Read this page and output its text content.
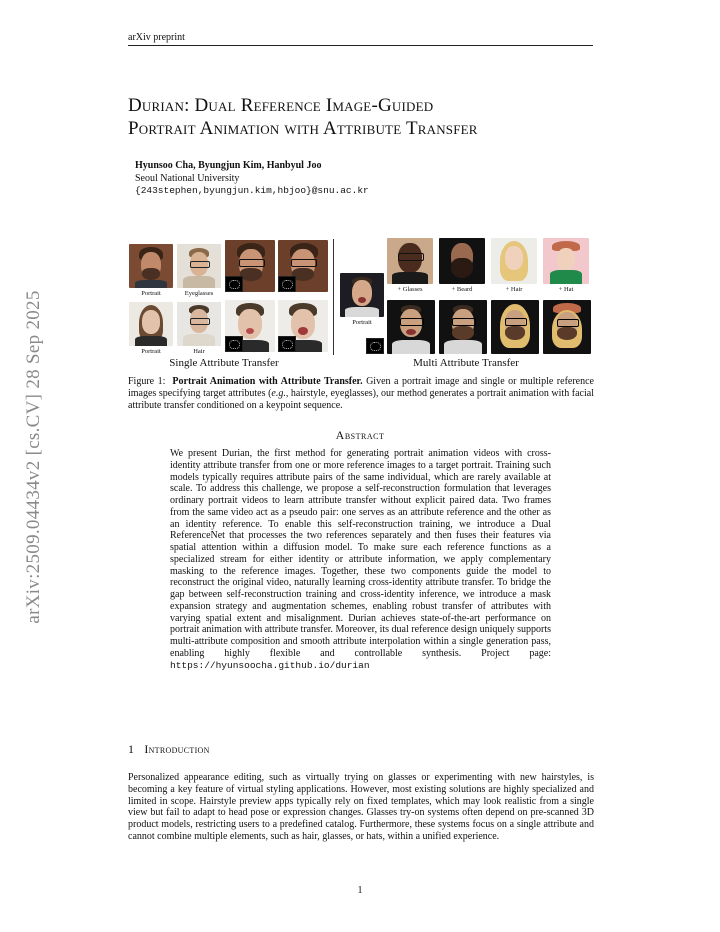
arXiv preprint
arXiv:2509.04434v2 [cs.CV] 28 Sep 2025
Durian: Dual Reference Image-Guided
Portrait Animation with Attribute Transfer
Hyunsoo Cha, Byungjun Kim, Hanbyul Joo
Seoul National University
{243stephen,byungjun.kim,hbjoo}@snu.ac.kr
Portrait	Eyeglasses
Portrait	Hair
Single Attribute Transfer
+ Glasses	+ Beard	+ Hair	+ Hat
Portrait
Multi Attribute Transfer
Figure 1: Portrait Animation with Attribute Transfer. Given a portrait image and single or multiple reference images specifying target attributes (e.g., hairstyle, eyeglasses), our method generates a portrait animation with facial attribute transfer conditioned on a keypoint sequence.
Abstract
We present Durian, the first method for generating portrait animation videos with cross-identity attribute transfer from one or more reference images to a target portrait. Training such models typically requires attribute pairs of the same individual, which are rarely available at scale. To address this challenge, we propose a self-reconstruction formulation that leverages ordinary portrait videos to learn attribute transfer without explicit paired data. Two frames from the same video act as a pseudo pair: one serves as an attribute reference and the other as an identity reference. To enable this self-reconstruction training, we introduce a Dual ReferenceNet that processes the two references separately and then fuses their features via spatial attention within a diffusion model. To make sure each reference functions as a specialized stream for either identity or attribute information, we apply complementary masking to the reference images. Together, these two components guide the model to reconstruct the original video, naturally learning cross-identity attribute transfer. To bridge the gap between self-reconstruction training and cross-identity inference, we introduce a mask expansion strategy and augmentation schemes, enabling robust transfer of attributes with varying spatial extent and misalignment. Durian achieves state-of-the-art performance on portrait animation with attribute transfer. Moreover, its dual reference design uniquely supports multi-attribute composition and smooth attribute interpolation within a single generation pass, enabling highly flexible and controllable synthesis. Project page: https://hyunsoocha.github.io/durian
1 Introduction
Personalized appearance editing, such as virtually trying on glasses or experimenting with new hairstyles, is becoming a key feature of virtual styling applications. However, most existing solutions are highly specialized and limited in scope. Hairstyle preview apps typically rely on fixed templates, which may look realistic from a single view but fail to adapt to head pose or expression changes. Glasses try-on systems often depend on pre-scanned 3D product models, restricting users to a predefined catalog. Furthermore, these systems focus on a single attribute and cannot combine multiple elements, such as hair, glasses, or hats, within a unified experience.
1
